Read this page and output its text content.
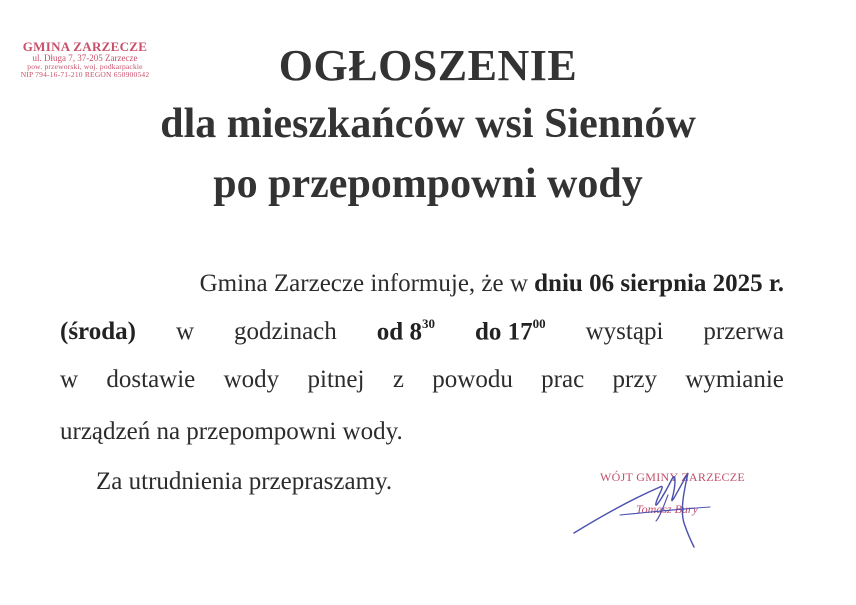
GMINA ZARZECZE
ul. Długa 7, 37-205 Zarzecze
pow. przeworski, woj. podkarpackie
NIP 794-16-71-210 REGON 650900542	OGŁOSZENIE
dla mieszkańców wsi Siennów
po przepompowni wody
Gmina Zarzecze informuje, że w dniu 06 sierpnia 2025 r.
(środa) w godzinach od $8^{30}$ do $17^{00}$ wystąpi przerwa
w dostawie wody pitnej z powodu prac przy wymianie
urządzeń na przepompowni wody.
Za utrudnienia przepraszamy.	WÓJT GMINY ZARZECZE
Tomasz Bury
